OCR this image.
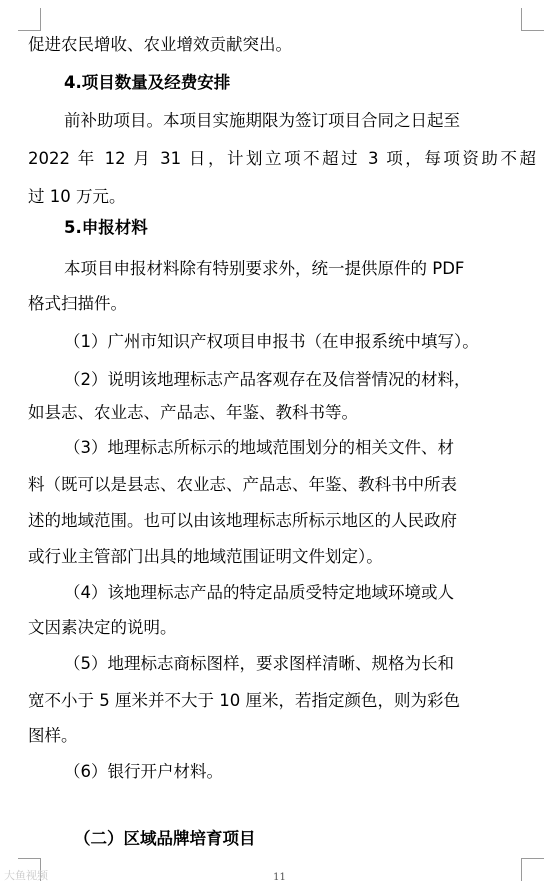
促进农民增收、农业增效贡献突出。
4.项目数量及经费安排
前补助项目。本项目实施期限为签订项目合同之日起至
2022 年 12 月 31 日，计划立项不超过 3 项，每项资助不超
过 10 万元。
5.申报材料
本项目申报材料除有特别要求外，统一提供原件的 PDF
格式扫描件。
（1）广州市知识产权项目申报书（在申报系统中填写）。
（2）说明该地理标志产品客观存在及信誉情况的材料，
如县志、农业志、产品志、年鉴、教科书等。
（3）地理标志所标示的地域范围划分的相关文件、材
料（既可以是县志、农业志、产品志、年鉴、教科书中所表
述的地域范围。也可以由该地理标志所标示地区的人民政府
或行业主管部门出具的地域范围证明文件划定）。
（4）该地理标志产品的特定品质受特定地域环境或人
文因素决定的说明。
（5）地理标志商标图样，要求图样清晰、规格为长和
宽不小于 5 厘米并不大于 10 厘米，若指定颜色，则为彩色
图样。
（6）银行开户材料。
（二）区域品牌培育项目
大鱼视频	11
